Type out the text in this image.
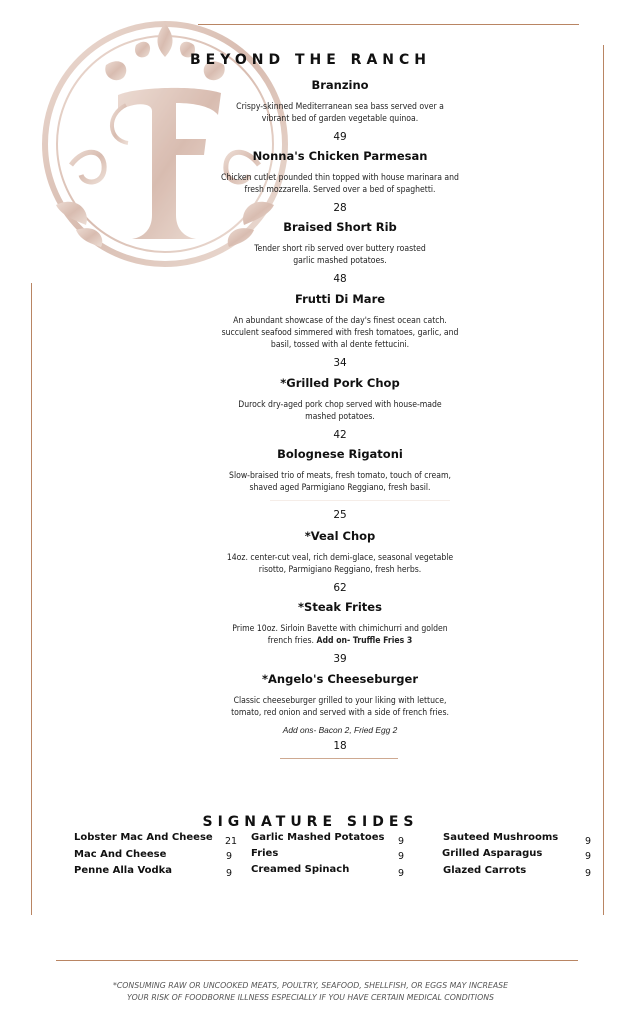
BEYOND THE RANCH
Branzino
Crispy-skinned Mediterranean sea bass served over a
vibrant bed of garden vegetable quinoa.
49
Nonna's Chicken Parmesan
Chicken cutlet pounded thin topped with house marinara and
fresh mozzarella. Served over a bed of spaghetti.
28
Braised Short Rib
Tender short rib served over buttery roasted
garlic mashed potatoes.
48
Frutti Di Mare
An abundant showcase of the day's finest ocean catch.
succulent seafood simmered with fresh tomatoes, garlic, and
basil, tossed with al dente fettucini.
34
*Grilled Pork Chop
Durock dry-aged pork chop served with house-made
mashed potatoes.
42
Bolognese Rigatoni
Slow-braised trio of meats, fresh tomato, touch of cream,
shaved aged Parmigiano Reggiano, fresh basil.
25
*Veal Chop
14oz. center-cut veal, rich demi-glace, seasonal vegetable
risotto, Parmigiano Reggiano, fresh herbs.
62
*Steak Frites
Prime 10oz. Sirloin Bavette with chimichurri and golden
french fries. Add on- Truffle Fries 3
39
*Angelo's Cheeseburger
Classic cheeseburger grilled to your liking with lettuce,
tomato, red onion and served with a side of french fries.
Add ons- Bacon 2, Fried Egg 2
18
SIGNATURE SIDES
Lobster Mac And Cheese 21
Mac And Cheese	9
Penne Alla Vodka	9
Garlic Mashed Potatoes 9
Fries	9
Creamed Spinach	9
Sauteed Mushrooms	9
Grilled Asparagus	9
Glazed Carrots	9
*CONSUMING RAW OR UNCOOKED MEATS, POULTRY, SEAFOOD, SHELLFISH, OR EGGS MAY INCREASE
YOUR RISK OF FOODBORNE ILLNESS ESPECIALLY IF YOU HAVE CERTAIN MEDICAL CONDITIONS
